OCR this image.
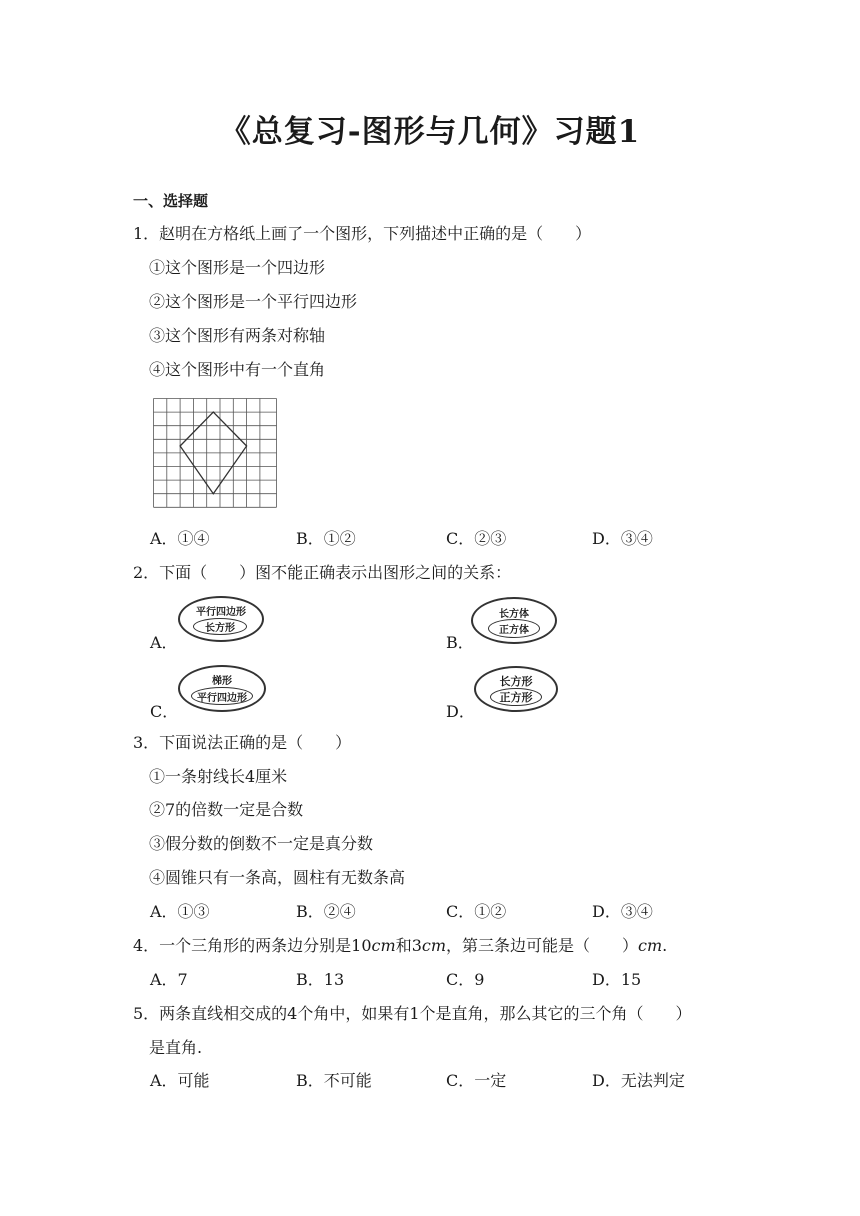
《总复习-图形与几何》习题1
一、选择题
1．赵明在方格纸上画了一个图形，下列描述中正确的是（　　）
①这个图形是一个四边形
②这个图形是一个平行四边形
③这个图形有两条对称轴
④这个图形中有一个直角
A．①④	B．①②	C．②③	D．③④
2．下面（　　）图不能正确表示出图形之间的关系：
A．
平行四边形
长方形
B．
长方体
正方体
C．
梯形
平行四边形
D．
长方形
正方形
3．下面说法正确的是（　　）
①一条射线长4厘米
②7的倍数一定是合数
③假分数的倒数不一定是真分数
④圆锥只有一条高，圆柱有无数条高
A．①③	B．②④	C．①②	D．③④
4．一个三角形的两条边分别是10cm和3cm，第三条边可能是（　　）cm.
A．7	B．13	C．9	D．15
5．两条直线相交成的4个角中，如果有1个是直角，那么其它的三个角（　　）
是直角.
A．可能	B．不可能	C．一定	D．无法判定
